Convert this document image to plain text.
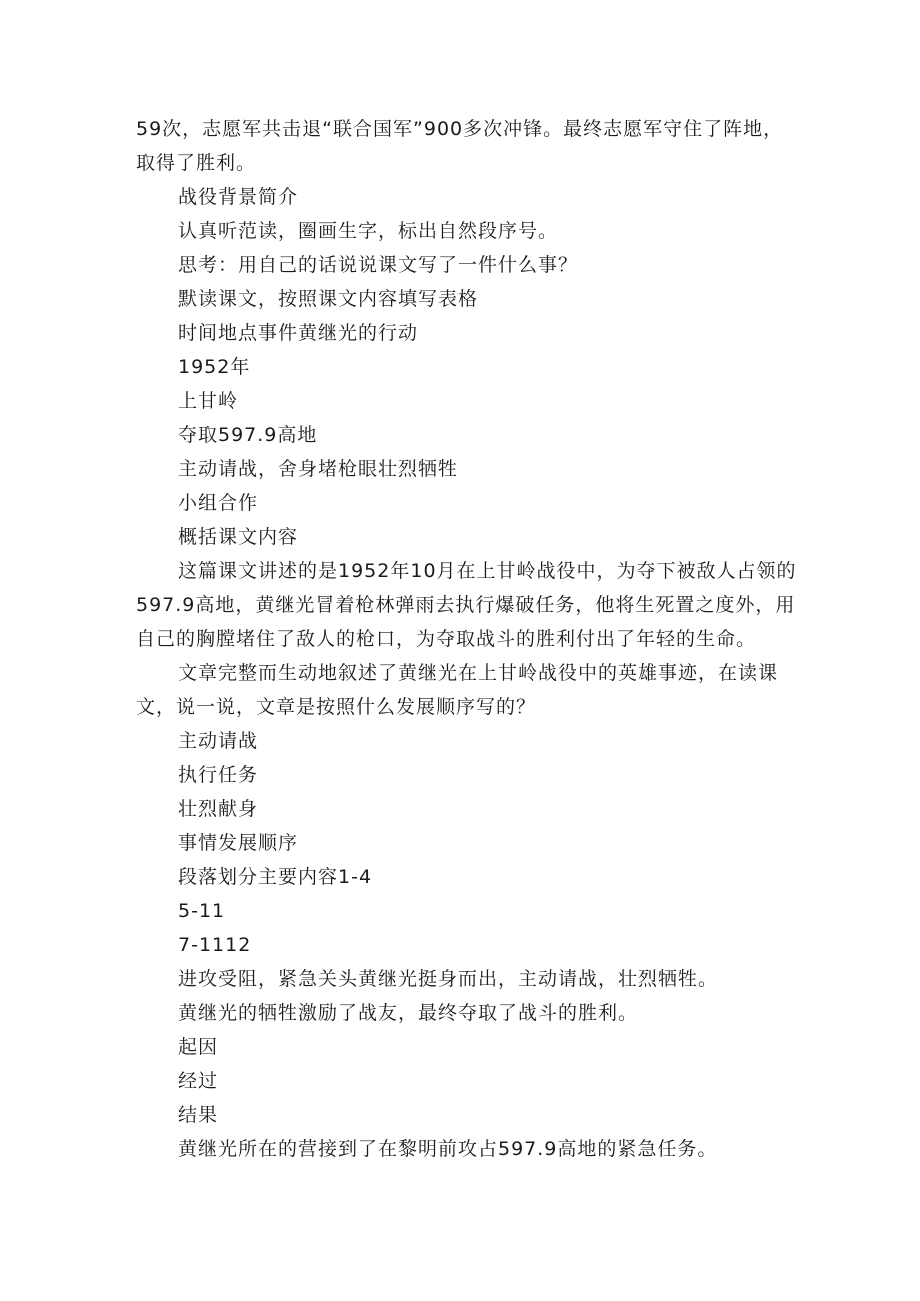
59次，志愿军共击退“联合国军”900多次冲锋。最终志愿军守住了阵地，

取得了胜利。

战役背景简介

认真听范读，圈画生字，标出自然段序号。

思考：用自己的话说说课文写了一件什么事？

默读课文，按照课文内容填写表格

时间地点事件黄继光的行动

1952年

上甘岭

夺取597.9高地

主动请战，舍身堵枪眼壮烈牺牲

小组合作

概括课文内容

这篇课文讲述的是1952年10月在上甘岭战役中，为夺下被敌人占领的

597.9高地，黄继光冒着枪林弹雨去执行爆破任务，他将生死置之度外，用

自己的胸膛堵住了敌人的枪口，为夺取战斗的胜利付出了年轻的生命。

文章完整而生动地叙述了黄继光在上甘岭战役中的英雄事迹，在读课

文，说一说，文章是按照什么发展顺序写的？

主动请战

执行任务

壮烈献身

事情发展顺序

段落划分主要内容1-4

5-11

7-1112

进攻受阻，紧急关头黄继光挺身而出，主动请战，壮烈牺牲。

黄继光的牺牲激励了战友，最终夺取了战斗的胜利。

起因

经过

结果

黄继光所在的营接到了在黎明前攻占597.9高地的紧急任务。
